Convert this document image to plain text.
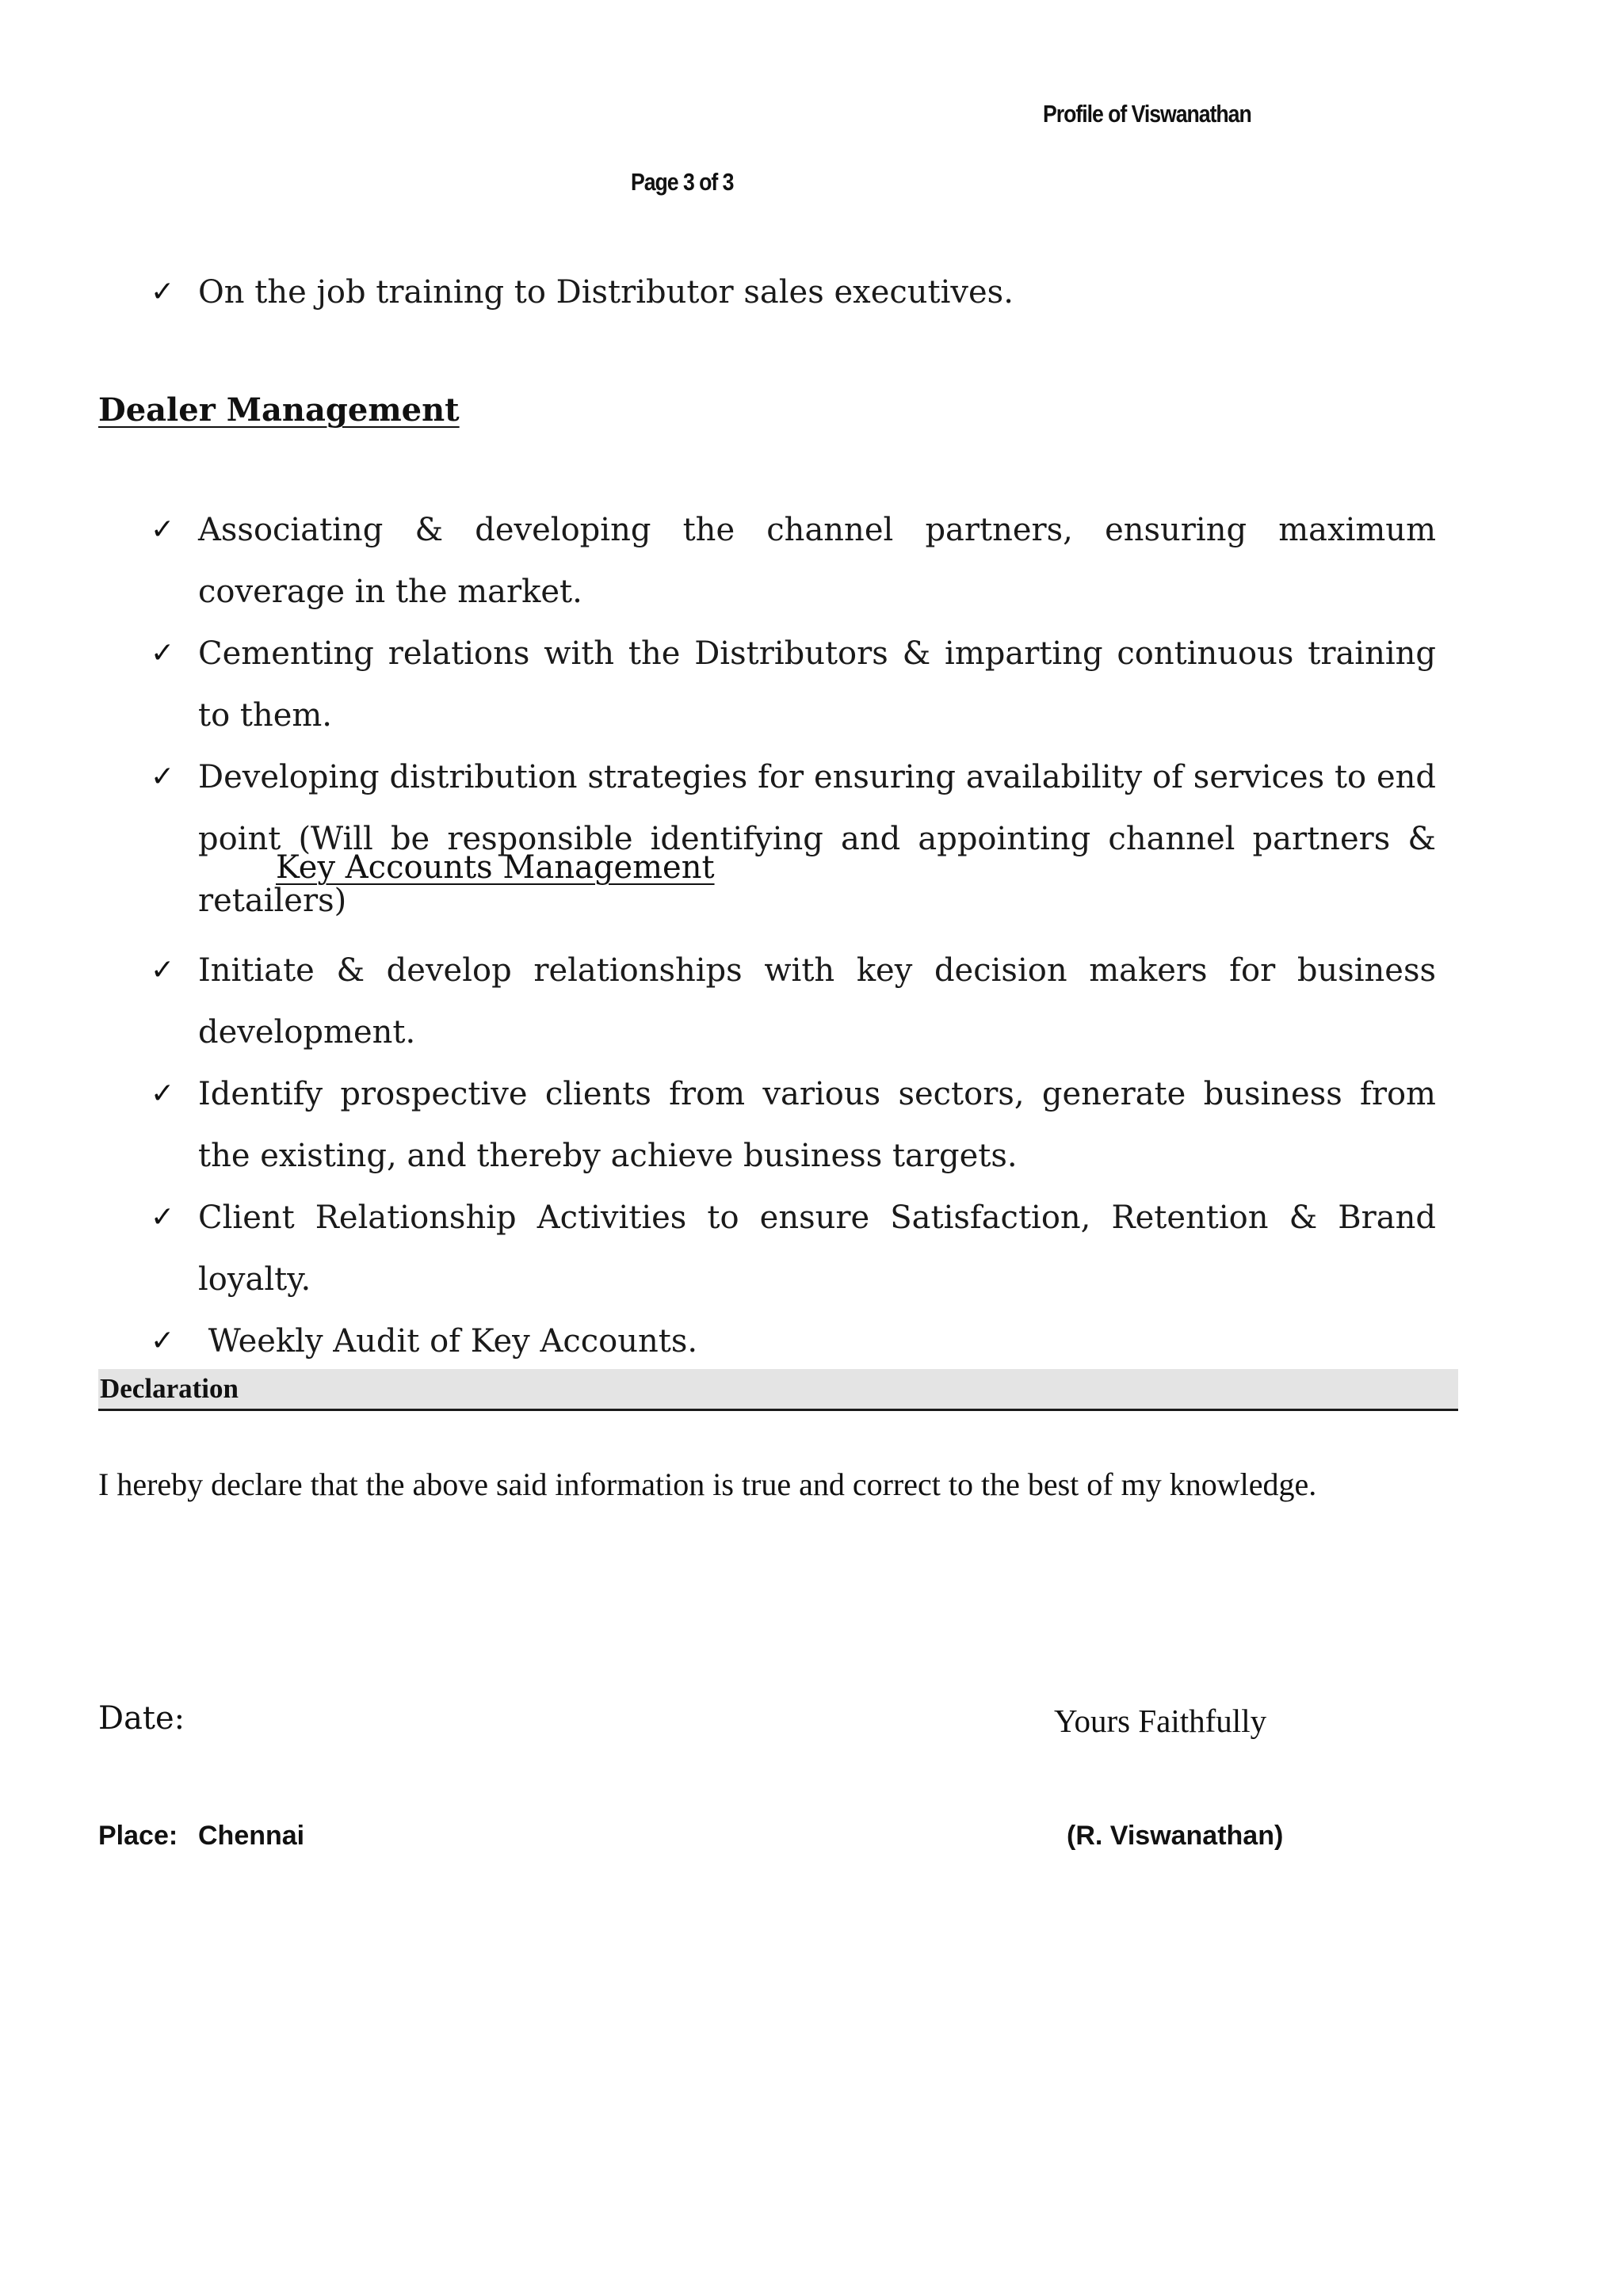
Profile of Viswanathan
Page 3 of 3
✓ On the job training to Distributor sales executives.
Dealer Management
✓ Associating & developing the channel partners, ensuring maximum coverage in the market.
✓ Cementing relations with the Distributors & imparting continuous training to them.
✓ Developing distribution strategies for ensuring availability of services to end point (Will be responsible identifying and appointing channel partners & retailers)
Key Accounts Management
✓ Initiate & develop relationships with key decision makers for business development.
✓ Identify prospective clients from various sectors, generate business from the existing, and thereby achieve business targets.
✓ Client Relationship Activities to ensure Satisfaction, Retention & Brand loyalty.
✓ Weekly Audit of Key Accounts.
Declaration
I hereby declare that the above said information is true and correct to the best of my knowledge.
Date:	Yours Faithfully
Place: Chennai	(R. Viswanathan)
